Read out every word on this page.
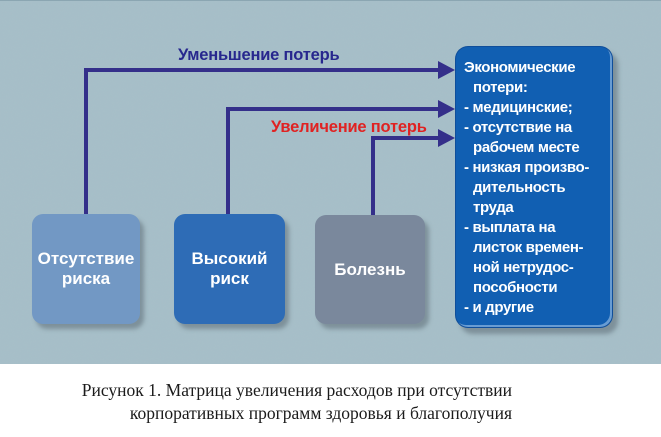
Уменьшение потерь
Увеличение потерь
Отсутствие
риска
Высокий
риск	Болезнь
Экономические
потери:
- медицинские;
- отсутствие на
рабочем месте
- низкая произво-
дительность
труда
- выплата на
листок времен-
ной нетрудос-
пособности
- и другие
Рисунок 1. Матрица увеличения расходов при отсутствии
корпоративных программ здоровья и благополучия
